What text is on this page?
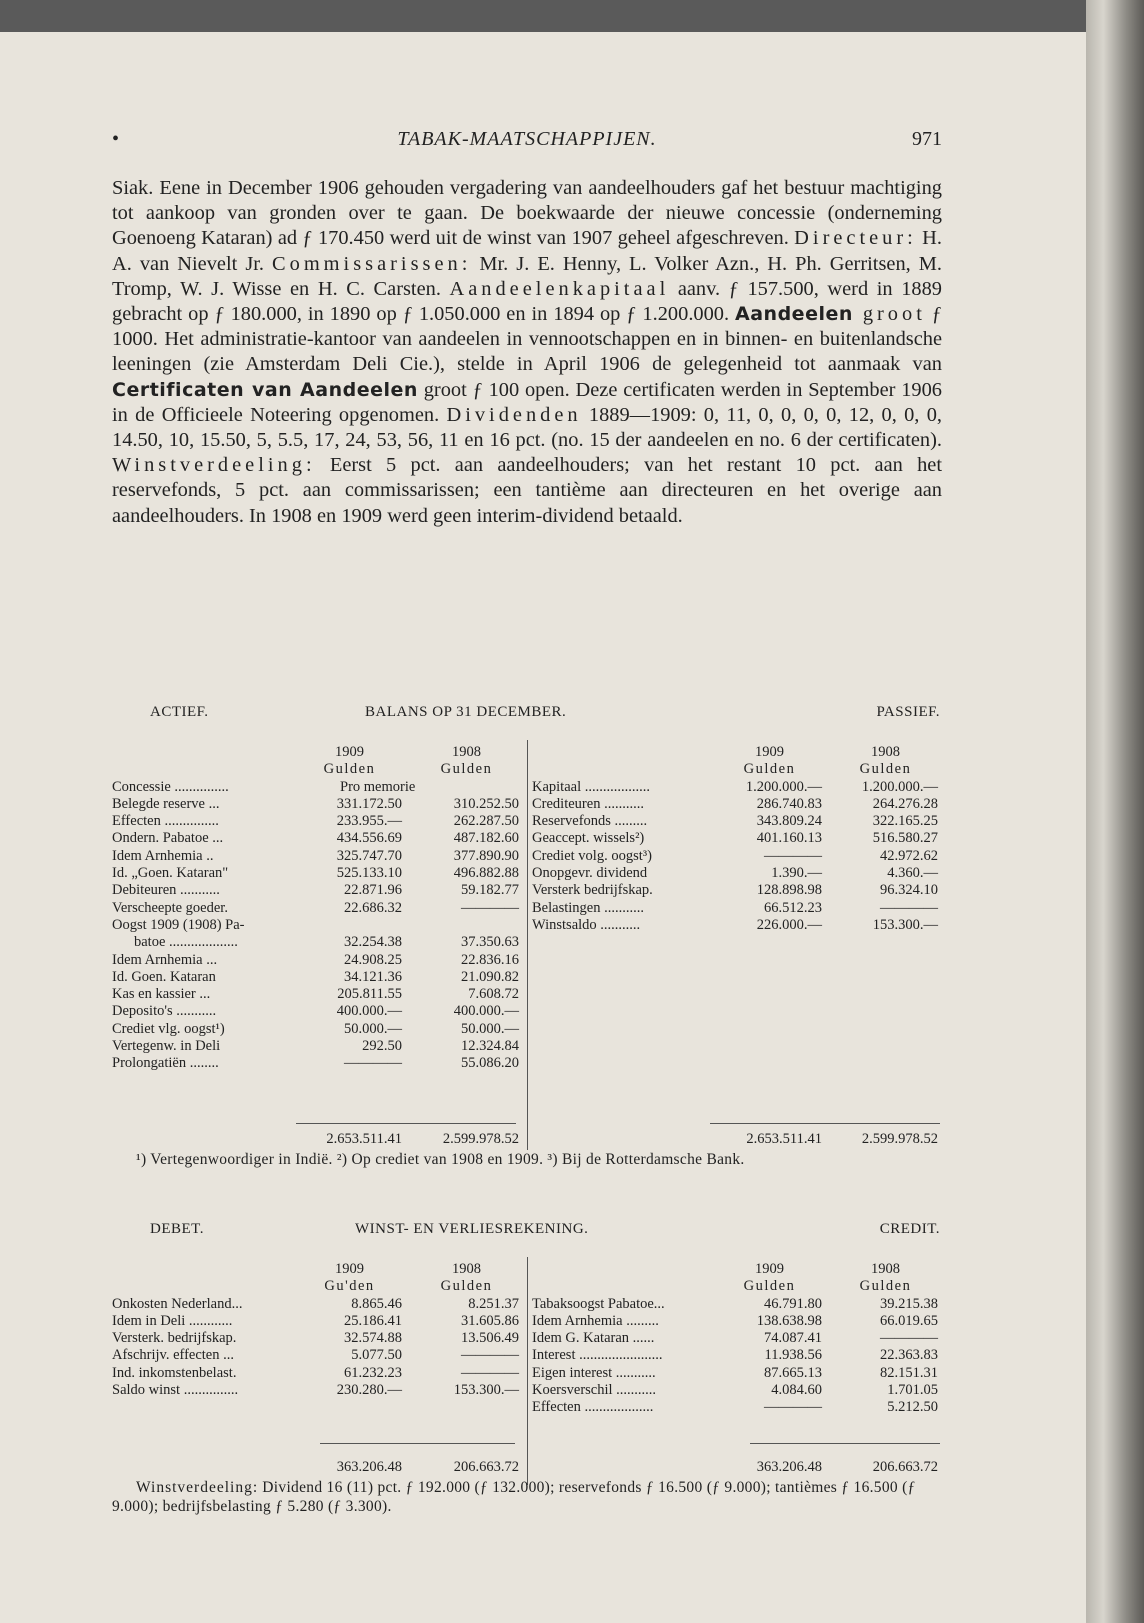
•	TABAK-MAATSCHAPPIJEN.	971
Siak. Eene in December 1906 gehouden vergadering van aandeelhouders gaf het bestuur machtiging tot aankoop van gronden over te gaan. De boekwaarde der nieuwe concessie (onderneming Goenoeng Kataran) ad ƒ 170.450 werd uit de winst van 1907 geheel afgeschreven. Directeur: H. A. van Nievelt Jr. Commissarissen: Mr. J. E. Henny, L. Volker Azn., H. Ph. Gerritsen, M. Tromp, W. J. Wisse en H. C. Carsten. Aandeelenkapitaal aanv. ƒ 157.500, werd in 1889 gebracht op ƒ 180.000, in 1890 op ƒ 1.050.000 en in 1894 op ƒ 1.200.000. Aandeelen groot ƒ 1000. Het administratie-kantoor van aandeelen in vennootschappen en in binnen- en buitenlandsche leeningen (zie Amsterdam Deli Cie.), stelde in April 1906 de gelegenheid tot aanmaak van Certificaten van Aandeelen groot ƒ 100 open. Deze certificaten werden in September 1906 in de Officieele Noteering opgenomen. Dividenden 1889—1909: 0, 11, 0, 0, 0, 0, 12, 0, 0, 0, 14.50, 10, 15.50, 5, 5.5, 17, 24, 53, 56, 11 en 16 pct. (no. 15 der aandeelen en no. 6 der certificaten). Winstverdeeling: Eerst 5 pct. aan aandeelhouders; van het restant 10 pct. aan het reservefonds, 5 pct. aan commissarissen; een tantième aan directeuren en het overige aan aandeelhouders. In 1908 en 1909 werd geen interim-dividend betaald.
ACTIEF.	BALANS OP 31 DECEMBER.	PASSIEF.
1909	1908
Gulden	Gulden
Concessie ...............	Pro memorie
Belegde reserve ...	331.172.50	310.252.50
Effecten ...............	233.955.—	262.287.50
Ondern. Pabatoe ...	434.556.69	487.182.60
Idem Arnhemia ..	325.747.70	377.890.90
Id. „Goen. Kataran"	525.133.10	496.882.88
Debiteuren ...........	22.871.96	59.182.77
Verscheepte goeder.	22.686.32	————
Oogst 1909 (1908) Pa-
batoe ...................	32.254.38	37.350.63
Idem Arnhemia ...	24.908.25	22.836.16
Id. Goen. Kataran	34.121.36	21.090.82
Kas en kassier ...	205.811.55	7.608.72
Deposito's ...........	400.000.—	400.000.—
Crediet vlg. oogst¹)	50.000.—	50.000.—
Vertegenw. in Deli	292.50	12.324.84
Prolongatiën ........	————	55.086.20
1909	1908
Gulden	Gulden
Kapitaal ..................	1.200.000.—	1.200.000.—
Crediteuren ...........	286.740.83	264.276.28
Reservefonds .........	343.809.24	322.165.25
Geaccept. wissels²)	401.160.13	516.580.27
Crediet volg. oogst³)	————	42.972.62
Onopgevr. dividend	1.390.—	4.360.—
Versterk bedrijfskap.	128.898.98	96.324.10
Belastingen ...........	66.512.23	————
Winstsaldo ...........	226.000.—	153.300.—
2.653.511.41	2.599.978.52	2.653.511.41	2.599.978.52
¹) Vertegenwoordiger in Indië. ²) Op crediet van 1908 en 1909. ³) Bij de Rotterdamsche Bank.
DEBET.	WINST- EN VERLIESREKENING.	CREDIT.
1909	1908
Gu'den	Gulden
Onkosten Nederland...	8.865.46	8.251.37
Idem in Deli ............	25.186.41	31.605.86
Versterk. bedrijfskap.	32.574.88	13.506.49
Afschrijv. effecten ...	5.077.50	————
Ind. inkomstenbelast.	61.232.23	————
Saldo winst ...............	230.280.—	153.300.—
1909	1908
Gulden	Gulden
Tabaksoogst Pabatoe...	46.791.80	39.215.38
Idem Arnhemia .........	138.638.98	66.019.65
Idem G. Kataran ......	74.087.41	————
Interest .......................	11.938.56	22.363.83
Eigen interest ...........	87.665.13	82.151.31
Koersverschil ...........	4.084.60	1.701.05
Effecten ...................	————	5.212.50
363.206.48	206.663.72	363.206.48	206.663.72
Winstverdeeling: Dividend 16 (11) pct. ƒ 192.000 (ƒ 132.000); reservefonds ƒ 16.500 (ƒ 9.000); tantièmes ƒ 16.500 (ƒ 9.000); bedrijfsbelasting ƒ 5.280 (ƒ 3.300).
